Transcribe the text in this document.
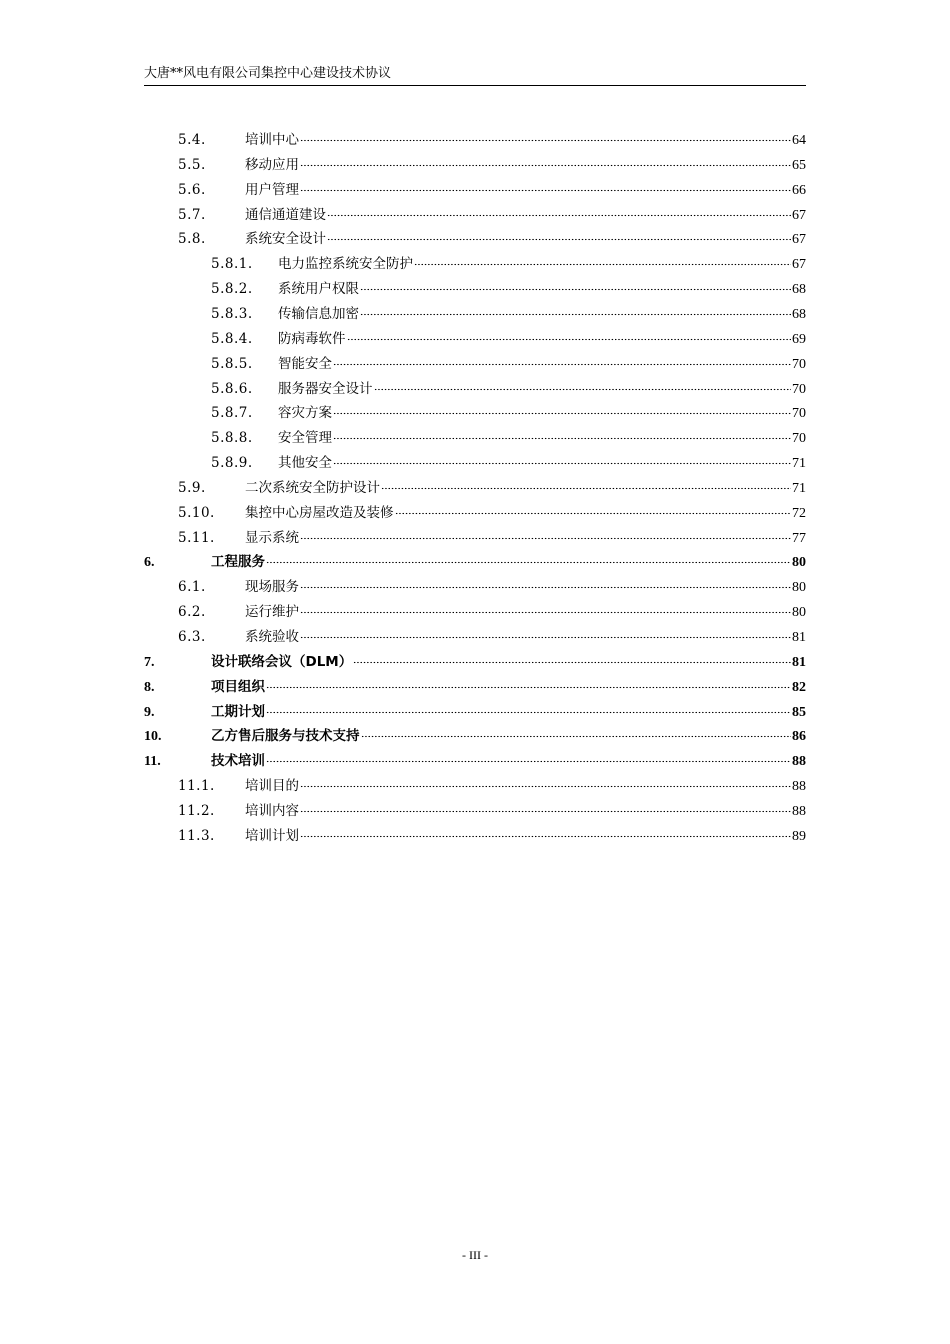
大唐**风电有限公司集控中心建设技术协议
5.4.	培训中心	64
5.5.	移动应用	65
5.6.	用户管理	66
5.7.	通信通道建设	67
5.8.	系统安全设计	67
5.8.1.	电力监控系统安全防护	67
5.8.2.	系统用户权限	68
5.8.3.	传输信息加密	68
5.8.4.	防病毒软件	69
5.8.5.	智能安全	70
5.8.6.	服务器安全设计	70
5.8.7.	容灾方案	70
5.8.8.	安全管理	70
5.8.9.	其他安全	71
5.9.	二次系统安全防护设计	71
5.10.	集控中心房屋改造及装修	72
5.11.	显示系统	77
6.	工程服务	80
6.1.	现场服务	80
6.2.	运行维护	80
6.3.	系统验收	81
7.	设计联络会议（DLM）	81
8.	项目组织	82
9.	工期计划	85
10.	乙方售后服务与技术支持	86
11.	技术培训	88
11.1.	培训目的	88
11.2.	培训内容	88
11.3.	培训计划	89
- III -
